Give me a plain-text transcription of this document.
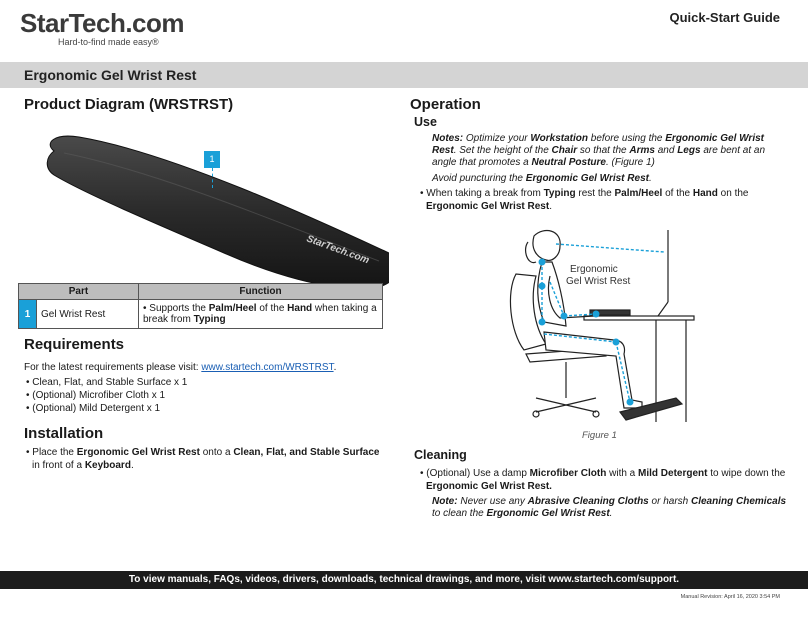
StarTech.com
Hard-to-find made easy®
Quick-Start Guide
Ergonomic Gel Wrist Rest
Product Diagram (WRSTRST)
StarTech.com
1
Part		Function
1	Gel Wrist Rest	• Supports the Palm/Heel of the Hand when taking a break from Typing
Requirements
For the latest requirements please visit: www.startech.com/WRSTRST.
• Clean, Flat, and Stable Surface x 1
• (Optional) Microfiber Cloth x 1
• (Optional) Mild Detergent x 1
Installation
• Place the Ergonomic Gel Wrist Rest onto a Clean, Flat, and Stable Surface in front of a Keyboard.
Operation
Use
Notes: Optimize your Workstation before using the Ergonomic Gel Wrist Rest. Set the height of the Chair so that the Arms and Legs are bent at an angle that promotes a Neutral Posture. (Figure 1)
Avoid puncturing the Ergonomic Gel Wrist Rest.
• When taking a break from Typing rest the Palm/Heel of the Hand on the Ergonomic Gel Wrist Rest.
Ergonomic
Gel Wrist Rest
Figure 1
Cleaning
• (Optional) Use a damp Microfiber Cloth with a Mild Detergent to wipe down the Ergonomic Gel Wrist Rest.
Note: Never use any Abrasive Cleaning Cloths or harsh Cleaning Chemicals to clean the Ergonomic Gel Wrist Rest.
To view manuals, FAQs, videos, drivers, downloads, technical drawings, and more, visit www.startech.com/support.
Manual Revision: April 16, 2020 3:54 PM
